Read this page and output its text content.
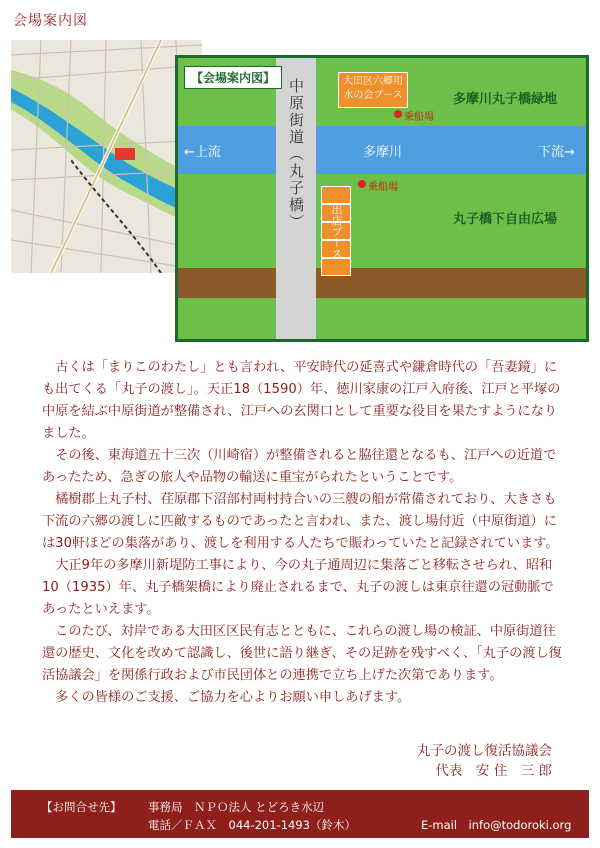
会場案内図
中原街道（丸子橋）
【会場案内図】	大田区六郷用水の会ブース
乗船場
多摩川丸子橋緑地
←上流	多摩川	下流→
乗船場
出店ブース	丸子橋下自由広場

古くは「まりこのわたし」とも言われ、平安時代の延喜式や鎌倉時代の「吾妻鏡」にも出てくる「丸子の渡し」。天正18（1590）年、徳川家康の江戸入府後、江戸と平塚の中原を結ぶ中原街道が整備され、江戸への玄関口として重要な役目を果たすようになりました。

その後、東海道五十三次（川崎宿）が整備されると脇往還となるも、江戸への近道であったため、急ぎの旅人や品物の輸送に重宝がられたということです。

橘樹郡上丸子村、荏原郡下沼部村両村持合いの三艘の船が常備されており、大きさも下流の六郷の渡しに匹敵するものであったと言われ、また、渡し場付近（中原街道）には30軒ほどの集落があり、渡しを利用する人たちで賑わっていたと記録されています。

大正9年の多摩川新堤防工事により、今の丸子通周辺に集落ごと移転させられ、昭和10（1935）年、丸子橋架橋により廃止されるまで、丸子の渡しは東京往還の冠動脈であったといえます。

このたび、対岸である大田区区民有志とともに、これらの渡し場の検証、中原街道往還の歴史、文化を改めて認識し、後世に語り継ぎ、その足跡を残すべく、「丸子の渡し復活協議会」を関係行政および市民団体との連携で立ち上げた次第であります。

多くの皆様のご支援、ご協力を心よりお願い申しあげます。

丸子の渡し復活協議会
代表　安 住　三 郎
【お問合せ先】 事務局　ＮＰＯ法人 とどろき水辺
電話／ＦＡＸ　044-201-1493（鈴木）	E-mail　info@todoroki.org
